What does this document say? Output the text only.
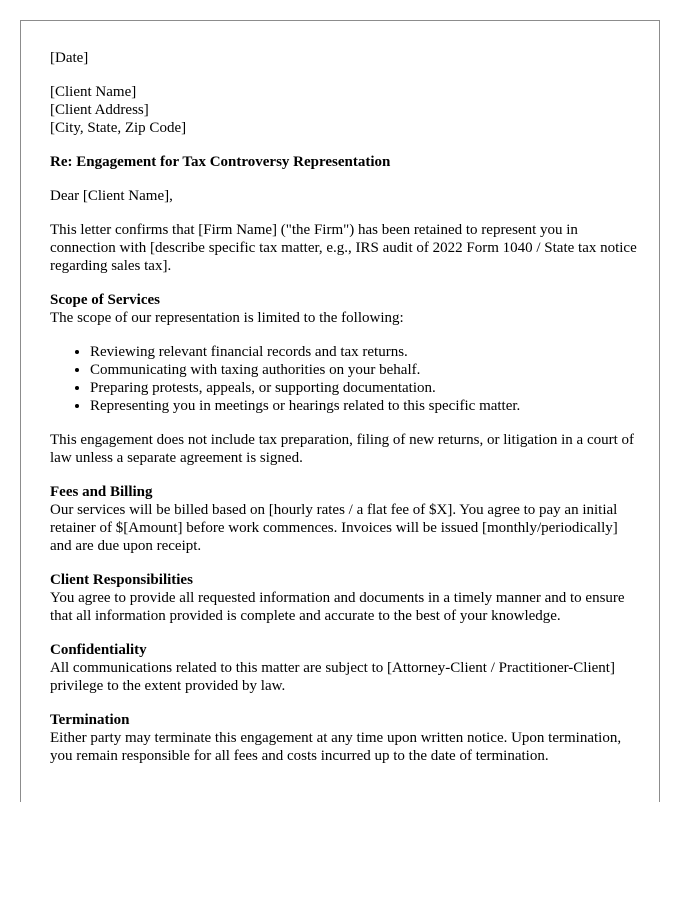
[Date]
[Client Name]
[Client Address]
[City, State, Zip Code]
Re: Engagement for Tax Controversy Representation
Dear [Client Name],
This letter confirms that [Firm Name] ("the Firm") has been retained to represent you in connection with [describe specific tax matter, e.g., IRS audit of 2022 Form 1040 / State tax notice regarding sales tax].
Scope of Services
The scope of our representation is limited to the following:
• Reviewing relevant financial records and tax returns.
• Communicating with taxing authorities on your behalf.
• Preparing protests, appeals, or supporting documentation.
• Representing you in meetings or hearings related to this specific matter.
This engagement does not include tax preparation, filing of new returns, or litigation in a court of law unless a separate agreement is signed.
Fees and Billing
Our services will be billed based on [hourly rates / a flat fee of $X]. You agree to pay an initial retainer of $[Amount] before work commences. Invoices will be issued [monthly/periodically] and are due upon receipt.
Client Responsibilities
You agree to provide all requested information and documents in a timely manner and to ensure that all information provided is complete and accurate to the best of your knowledge.
Confidentiality
All communications related to this matter are subject to [Attorney-Client / Practitioner-Client] privilege to the extent provided by law.
Termination
Either party may terminate this engagement at any time upon written notice. Upon termination, you remain responsible for all fees and costs incurred up to the date of termination.
